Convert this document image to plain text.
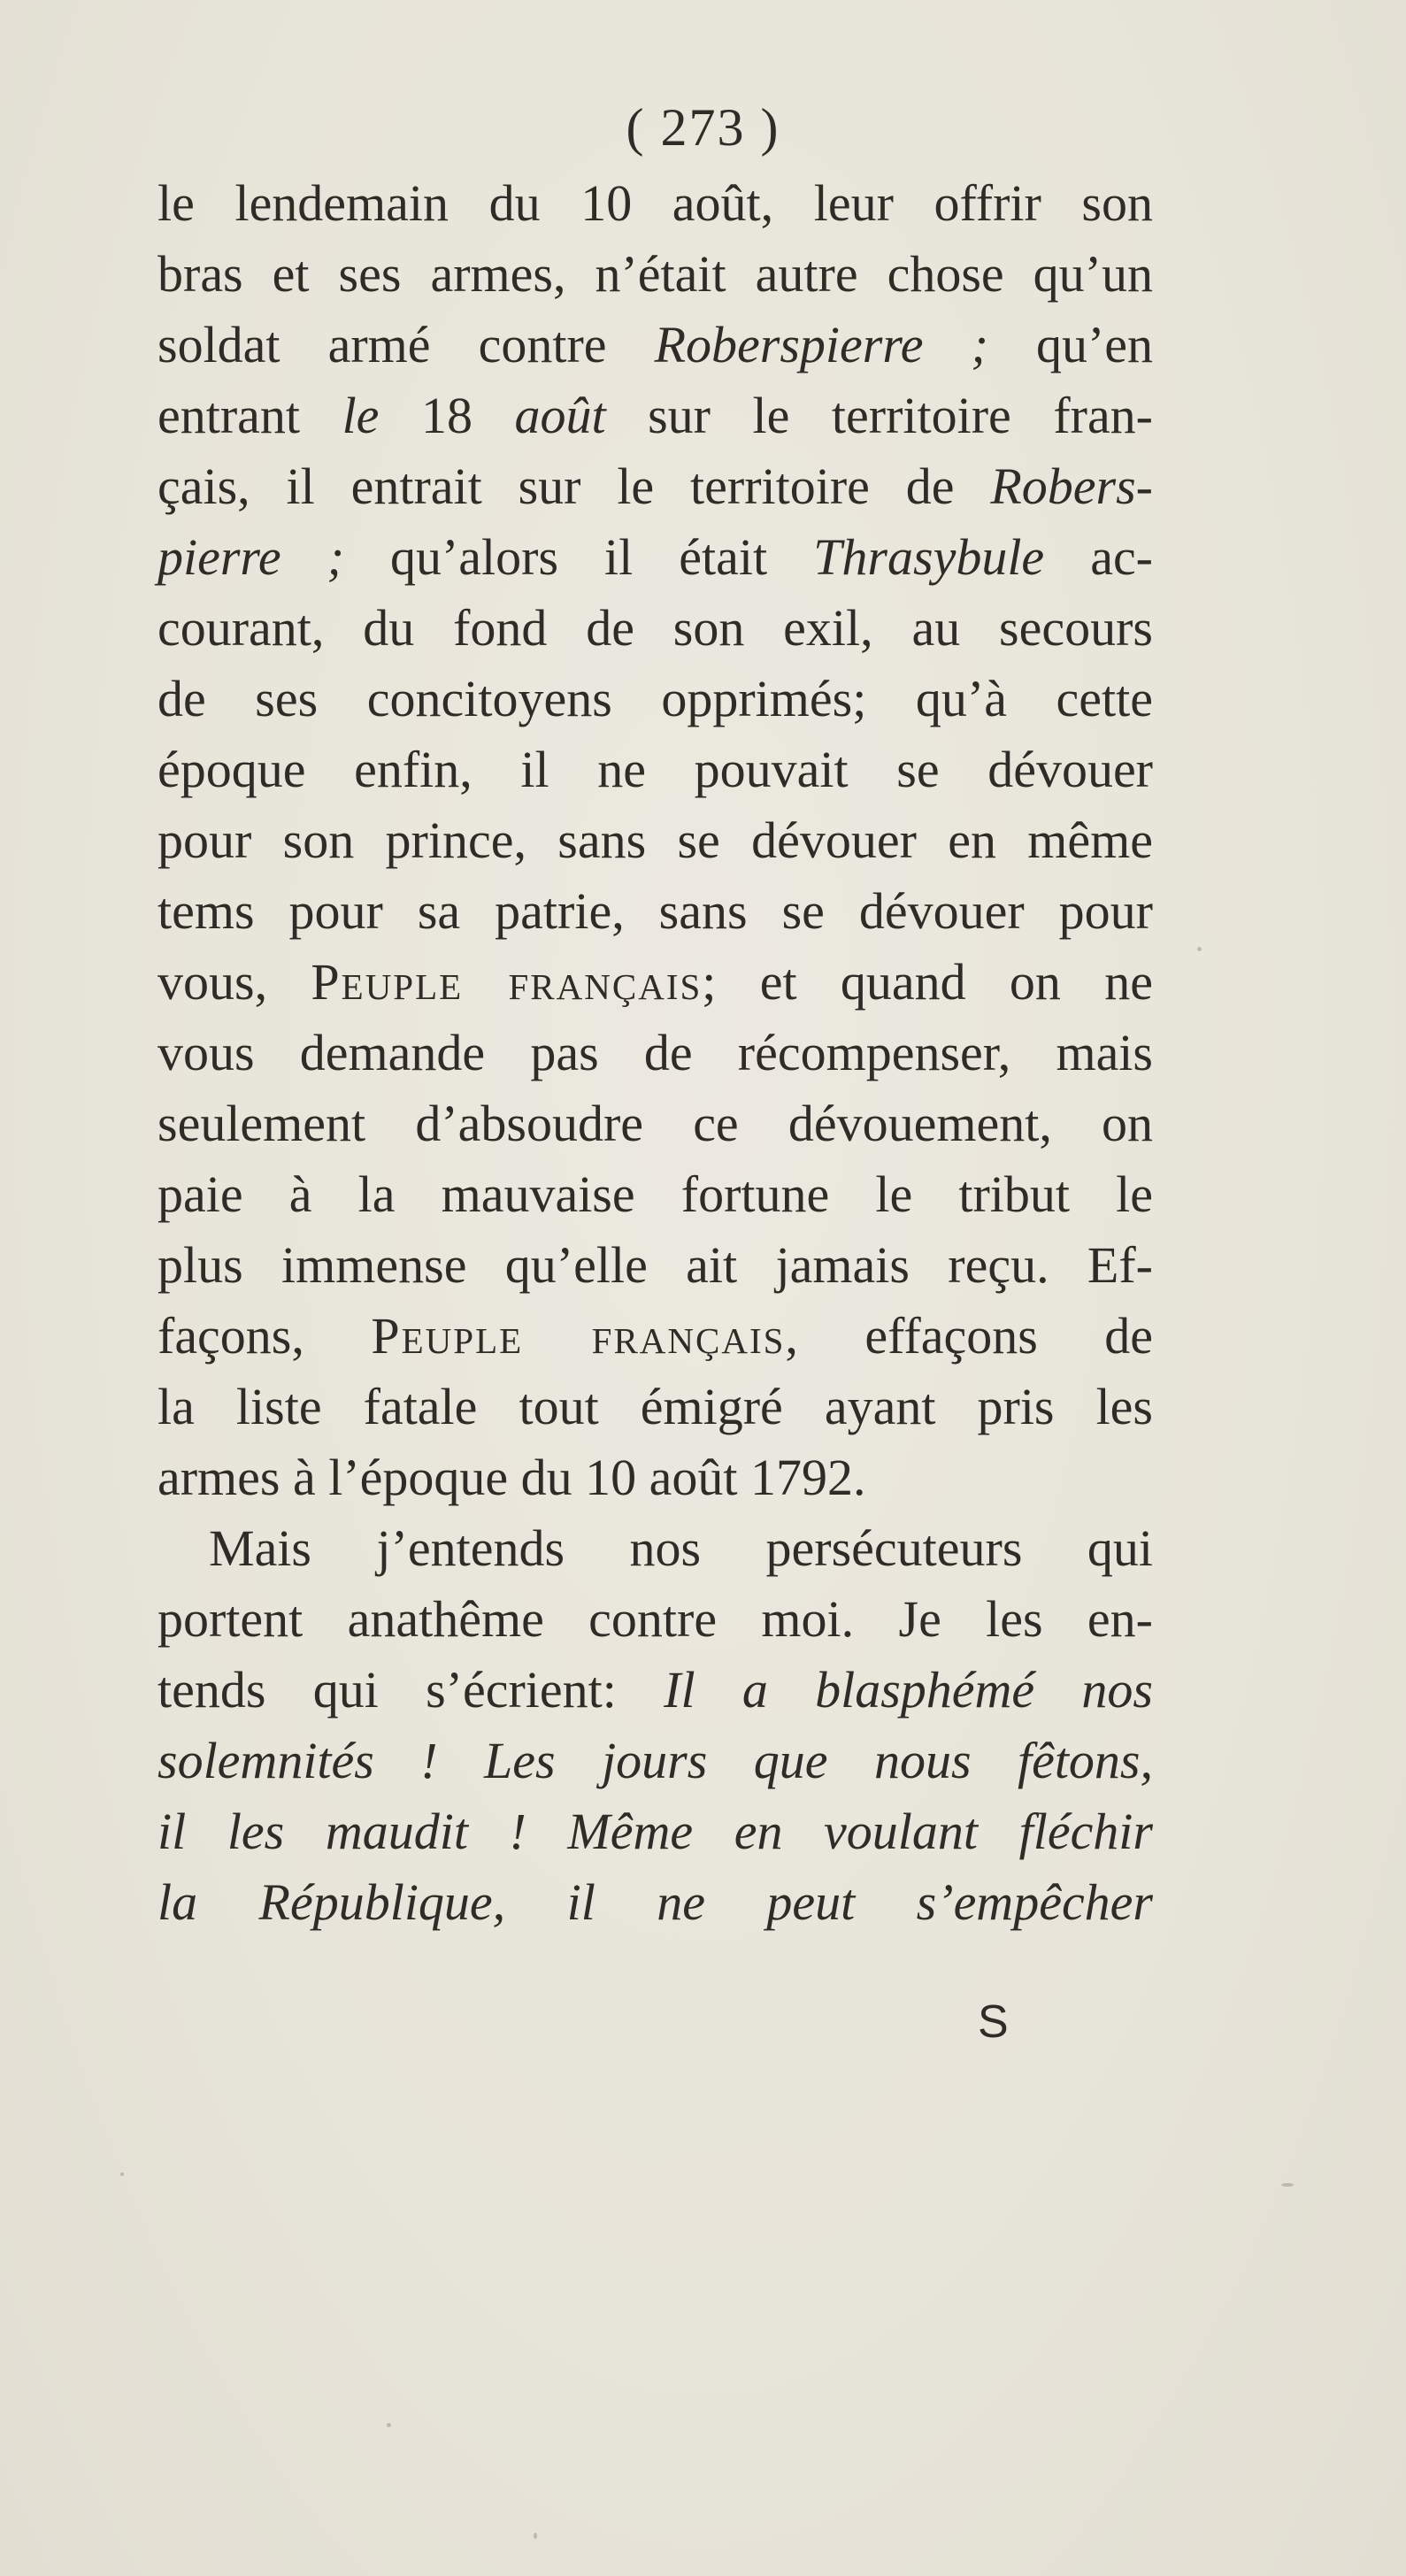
( 273 )
le lendemain du 10 août, leur offrir son
bras et ses armes, n’était autre chose qu’un
soldat armé contre Roberspierre ; qu’en
entrant le 18 août sur le territoire fran-
çais, il entrait sur le territoire de Robers-
pierre ; qu’alors il était Thrasybule ac-
courant, du fond de son exil, au secours
de ses concitoyens opprimés; qu’à cette
époque enfin, il ne pouvait se dévouer
pour son prince, sans se dévouer en même
tems pour sa patrie, sans se dévouer pour
vous, Peuple français; et quand on ne
vous demande pas de récompenser, mais
seulement d’absoudre ce dévouement, on
paie à la mauvaise fortune le tribut le
plus immense qu’elle ait jamais reçu. Ef-
façons, Peuple français, effaçons de
la liste fatale tout émigré ayant pris les
armes à l’époque du 10 août 1792.
Mais j’entends nos persécuteurs qui
portent anathême contre moi. Je les en-
tends qui s’écrient: Il a blasphémé nos
solemnités ! Les jours que nous fêtons,
il les maudit ! Même en voulant fléchir
la République, il ne peut s’empêcher
S
